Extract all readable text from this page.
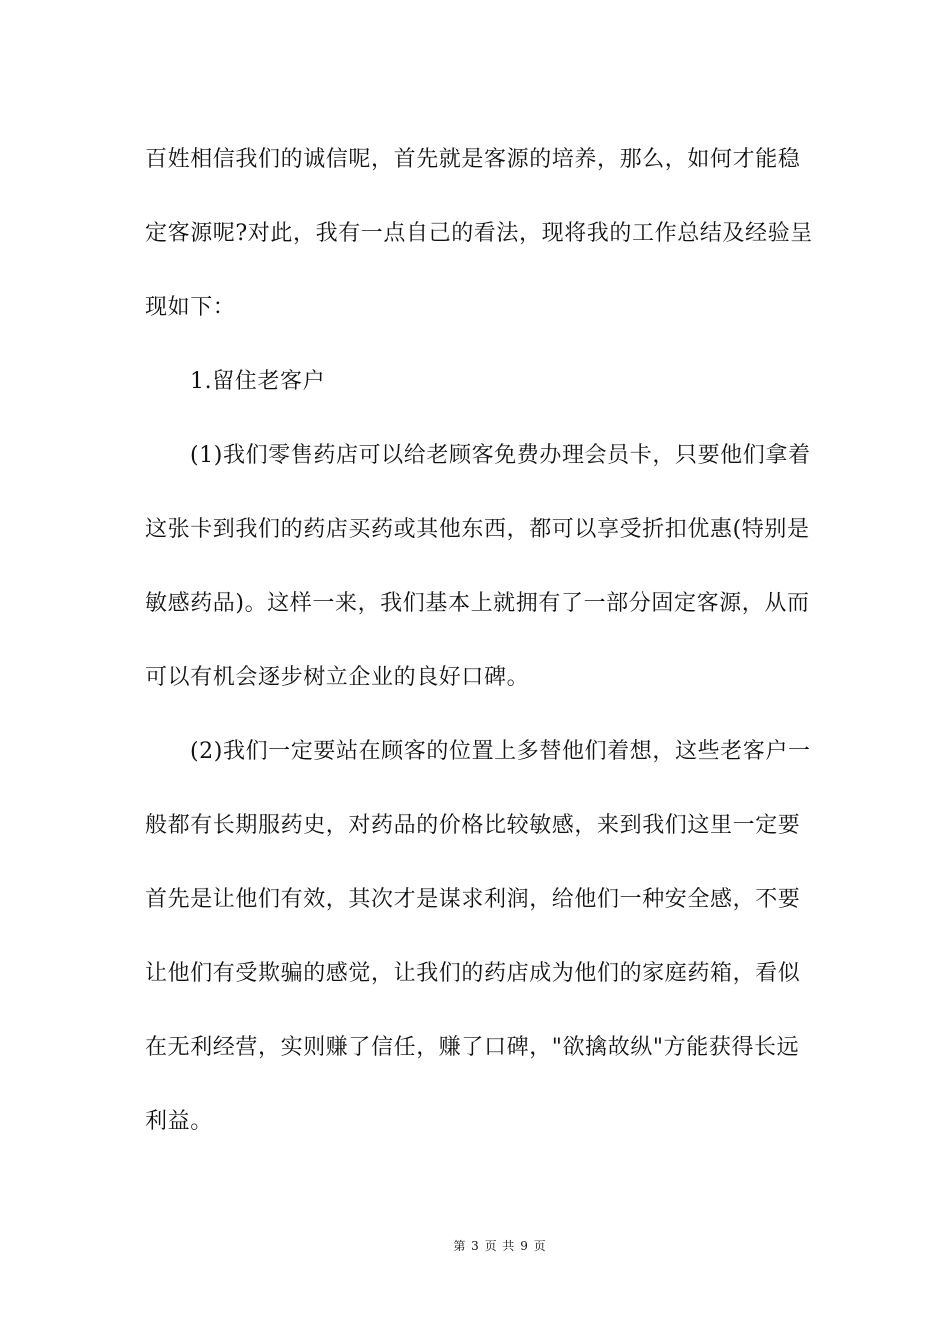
百姓相信我们的诚信呢，首先就是客源的培养，那么，如何才能稳
定客源呢?对此，我有一点自己的看法，现将我的工作总结及经验呈
现如下：
1.留住老客户
(1)我们零售药店可以给老顾客免费办理会员卡，只要他们拿着
这张卡到我们的药店买药或其他东西，都可以享受折扣优惠(特别是
敏感药品)。这样一来，我们基本上就拥有了一部分固定客源，从而
可以有机会逐步树立企业的良好口碑。
(2)我们一定要站在顾客的位置上多替他们着想，这些老客户一
般都有长期服药史，对药品的价格比较敏感，来到我们这里一定要
首先是让他们有效，其次才是谋求利润，给他们一种安全感，不要
让他们有受欺骗的感觉，让我们的药店成为他们的家庭药箱，看似
在无利经营，实则赚了信任，赚了口碑，"欲擒故纵"方能获得长远
利益。
第 3 页 共 9 页
